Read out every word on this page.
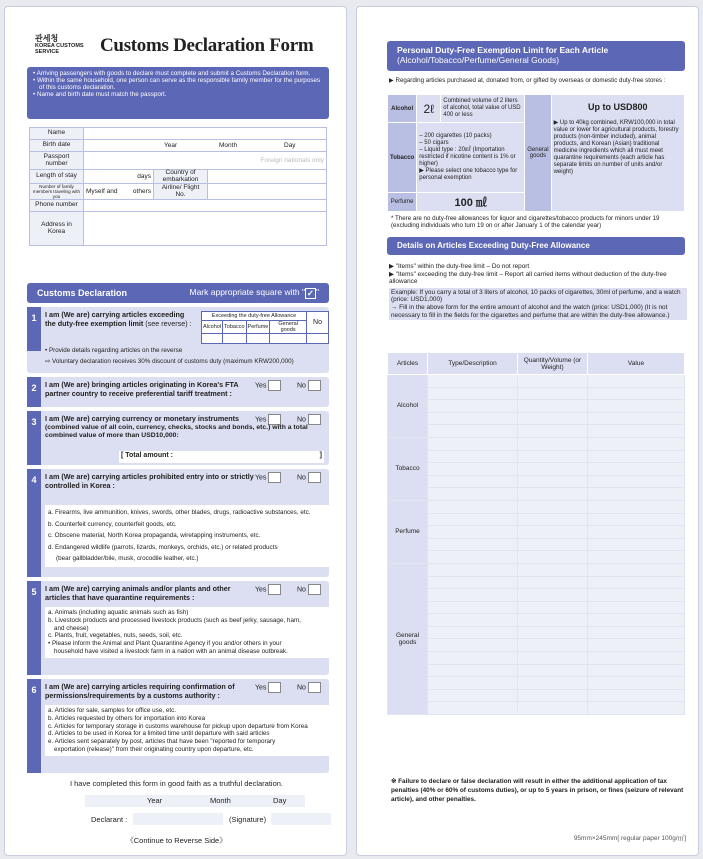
관세청
KOREA CUSTOMS SERVICE	Customs Declaration Form
• Arriving passengers with goods to declare must complete and submit a Customs Declaration form.
• Within the same household, one person can serve as the responsible family member for the purposes of this customs declaration.
• Name and birth date must match the passport.
Name			
Birth date	Year Month Day		

Passport number	Foreign nationals only		
Length of stay	days	Country of embarkation	
Number of family members traveling with you	Myself and others	Airline/ Flight No.	
Phone number			
Address in Korea			
Customs Declaration	Mark appropriate square with " ✓ "
1	I am (We are) carrying articles exceeding the duty-free exemption limit (see reverse) :
Exceeding the duty-free Allowance				No
Alcohol	Tobacco	Perfume	General goods	

• Provide details regarding articles on the reverse
⇨ Voluntary declaration receives 30% discount of customs duty (maximum KRW200,000)
2	I am (We are) bringing articles originating in Korea's FTA partner country to receive preferential tariff treatment :
Yes	No
3	I am (We are) carrying currency or monetary instruments	Yes	No
(combined value of all coin, currency, checks, stocks and bonds, etc.) with a total combined value of more than USD10,000:
[ Total amount :	]
4	I am (We are) carrying articles prohibited entry into or strictly controlled in Korea :
Yes	No
a. Firearms, live ammunition, knives, swords, other blades, drugs, radioactive substances, etc.
b. Counterfeit currency, counterfeit goods, etc.
c. Obscene material, North Korea propaganda, wiretapping instruments, etc.
d. Endangered wildlife (parrots, lizards, monkeys, orchids, etc.) or related products
(bear gallbladder/bile, musk, crocodile leather, etc.)
5	I am (We are) carrying animals and/or plants and other articles that have quarantine requirements :
Yes	No
a. Animals (including aquatic animals such as fish)
b. Livestock products and processed livestock products (such as beef jerky, sausage, ham,
and cheese)
c. Plants, fruit, vegetables, nuts, seeds, soil, etc.
• Please inform the Animal and Plant Quarantine Agency if you and/or others in your
household have visited a livestock farm in a nation with an animal disease outbreak.
6	I am (We are) carrying articles requiring confirmation of permissions/requirements by a customs authority :
Yes	No
a. Articles for sale, samples for office use, etc.
b. Articles requested by others for importation into Korea
c. Articles for temporary storage in customs warehouse for pickup upon departure from Korea
d. Articles to be used in Korea for a limited time until departure with said articles
e. Articles sent separately by post, articles that have been "reported for temporary
exportation (release)" from their originating country upon departure, etc.
I have completed this form in good faith as a truthful declaration.
Year	Month	Day
Declarant :	(Signature)
《Continue to Reverse Side》
Personal Duty-Free Exemption Limit for Each Article
(Alcohol/Tobacco/Perfume/General Goods)
▶ Regarding articles purchased at, donated from, or gifted by overseas or domestic duty-free stores :
Alcohol	2ℓ	Combined volume of 2 liters of alcohol, total value of USD 400 or less	General goods	Up to USD800
▶ Up to 40kg combined, KRW100,000 in total value or lower for agricultural products, forestry products (non-timber included), animal products, and Korean (Asian) traditional medicine ingredients which all must meet quarantine requirements (each article has separate limits on number of units and/or weight)

Tobacco	– 200 cigarettes (10 packs)
– 50 cigars
– Liquid type : 20㎖ (Importation restricted if nicotine content is 1% or higher)
▶ Please select one tobacco type for personal exemption			

Perfume	100 ㎖			
* There are no duty-free allowances for liquor and cigarettes/tobacco products for minors under 19 (excluding individuals who turn 19 on or after January 1 of the calendar year)
Details on Articles Exceeding Duty-Free Allowance
▶ "Items" within the duty-free limit – Do not report
▶ "Items" exceeding the duty-free limit – Report all carried items without deduction of the duty-free allowance
Example: If you carry a total of 3 liters of alcohol, 10 packs of cigarettes, 30ml of perfume, and a watch (price: USD1,000)
→ Fill in the above form for the entire amount of alcohol and the watch (price: USD1,000) (It is not necessary to fill in the fields for the cigarettes and perfume that are within the duty-free allowance.)
Articles	Type/Description	Quantity/Volume (or Weight)	Value
Alcohol			

Tobacco			

Perfume			

General goods			

※ Failure to declare or false declaration will result in either the additional application of tax penalties (40% or 60% of customs duties), or up to 5 years in prison, or fines (seizure of relevant article), and other penalties.
95mm×245mm[ regular paper 100g/㎡]
